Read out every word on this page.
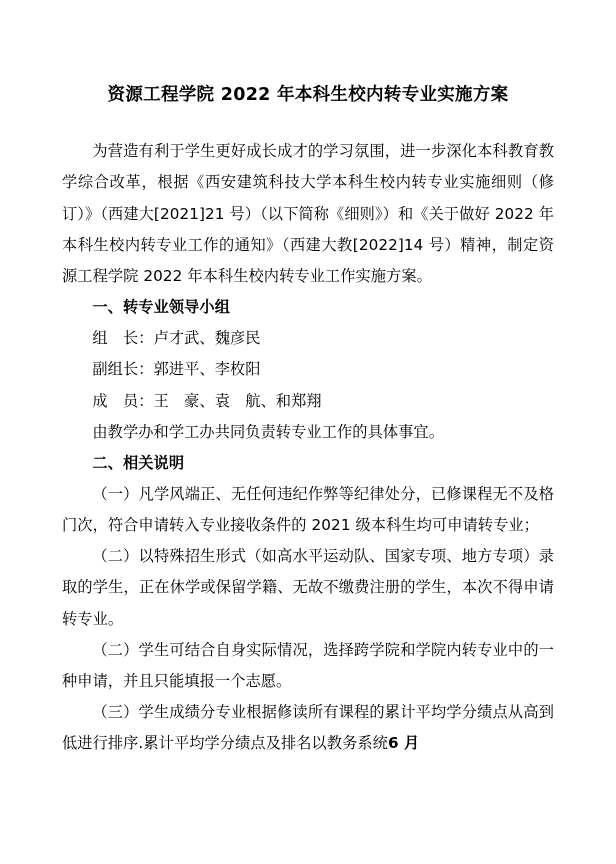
资源工程学院 2022 年本科生校内转专业实施方案

为营造有利于学生更好成长成才的学习氛围，进一步深化本科教育教学综合改革，根据《西安建筑科技大学本科生校内转专业实施细则（修订）》（西建大[2021]21 号）（以下简称《细则》）和《关于做好 2022 年本科生校内转专业工作的通知》（西建大教[2022]14 号）精神，制定资源工程学院 2022 年本科生校内转专业工作实施方案。

一、转专业领导小组

组　长：卢才武、魏彦民

副组长：郭进平、李枚阳

成　员：王　豪、袁　航、和郑翔

由教学办和学工办共同负责转专业工作的具体事宜。

二、相关说明

（一）凡学风端正、无任何违纪作弊等纪律处分，已修课程无不及格门次，符合申请转入专业接收条件的 2021 级本科生均可申请转专业；

（二）以特殊招生形式（如高水平运动队、国家专项、地方专项）录取的学生，正在休学或保留学籍、无故不缴费注册的学生，本次不得申请转专业。

（二）学生可结合自身实际情况，选择跨学院和学院内转专业中的一种申请，并且只能填报一个志愿。

（三）学生成绩分专业根据修读所有课程的累计平均学分绩点从高到低进行排序.累计平均学分绩点及排名以教务系统6 月
